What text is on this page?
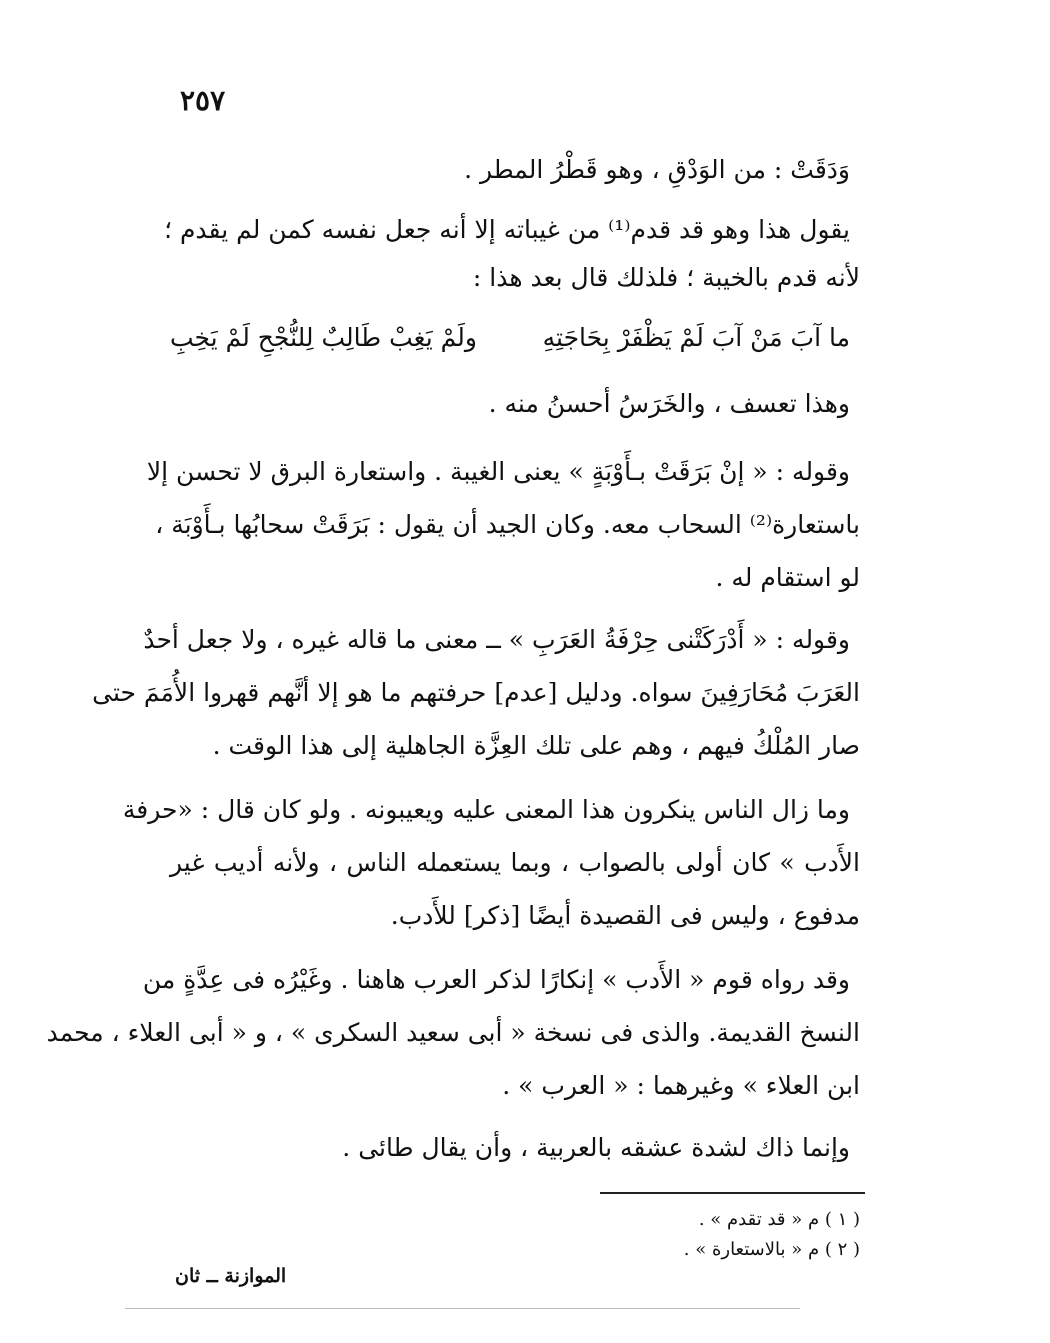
٢٥٧
وَدَقَتْ : من الوَدْقِ ، وهو قَطْرُ المطر .
يقول هذا وهو قد قدم⁽¹⁾ من غيباته إلا أنه جعل نفسه كمن لم يقدم ؛
لأنه قدم بالخيبة ؛ فلذلك قال بعد هذا :
ما آبَ مَنْ آبَ لَمْ يَظْفَرْ بِحَاجَتِهِ
ولَمْ يَغِبْ طَالِبٌ لِلنُّجْحِ لَمْ يَخِبِ
وهذا تعسف ، والخَرَسُ أحسنُ منه .
وقوله : « إنْ بَرَقَتْ بـأَوْبَةٍ » يعنى الغيبة . واستعارة البرق لا تحسن إلا
باستعارة⁽²⁾ السحاب معه. وكان الجيد أن يقول : بَرَقَتْ سحابُها بـأَوْبَة ،
لو استقام له .
وقوله : « أَدْرَكَتْنى حِرْفَةُ العَرَبِ » ــ معنى ما قاله غيره ، ولا جعل أحدٌ
العَرَبَ مُحَارَفِينَ سواه. ودليل [عدم] حرفتهم ما هو إلا أنَّهم قهروا الأُمَمَ حتى
صار المُلْكُ فيهم ، وهم على تلك العِزَّة الجاهلية إلى هذا الوقت .
وما زال الناس ينكرون هذا المعنى عليه ويعيبونه . ولو كان قال : «حرفة
الأَدب » كان أولى بالصواب ، وبما يستعمله الناس ، ولأنه أديب غير
مدفوع ، وليس فى القصيدة أيضًا [ذكر] للأَدب.
وقد رواه قوم « الأَدب » إنكارًا لذكر العرب هاهنا . وغَيْرُه فى عِدَّةٍ من
النسخ القديمة. والذى فى نسخة « أبى سعيد السكرى » ، و « أبى العلاء ، محمد
ابن العلاء » وغيرهما : « العرب » .
وإنما ذاك لشدة عشقه بالعربية ، وأن يقال طائى .
( ١ ) م « قد تقدم » .
( ٢ ) م « بالاستعارة » .
الموازنة ــ ثان
